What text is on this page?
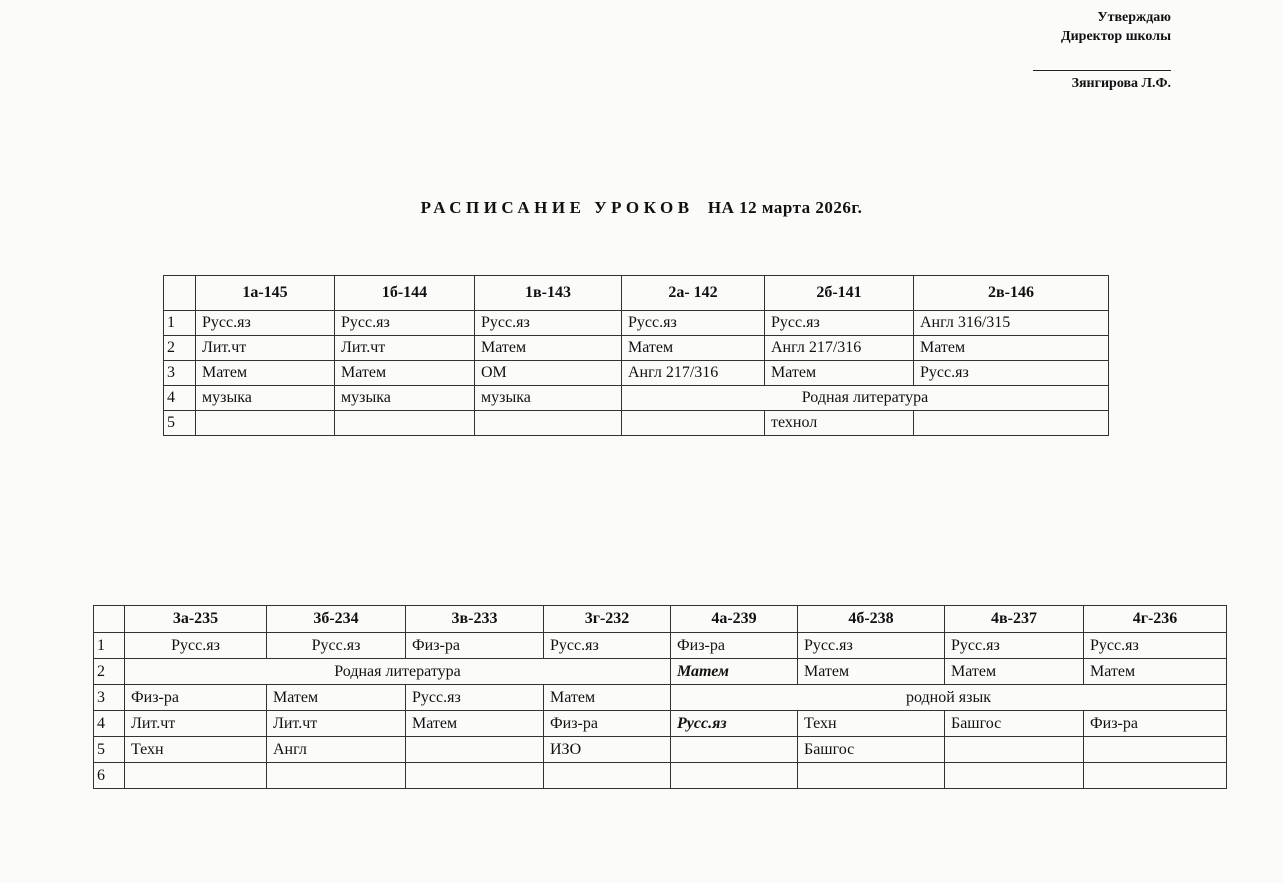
Утверждаю
Директор школы
Зянгирова Л.Ф.
РАСПИСАНИЕ УРОКОВ НА 12 марта 2026г.
	1а-145	1б-144	1в-143	2а- 142	2б-141	2в-146
1	Русс.яз	Русс.яз	Русс.яз	Русс.яз	Русс.яз	Англ 316/315
2	Лит.чт	Лит.чт	Матем	Матем	Англ 217/316	Матем
3	Матем	Матем	ОМ	Англ 217/316	Матем	Русс.яз
4	музыка	музыка	музыка	Родная литература		
5					технол	
	3а-235	3б-234	3в-233	3г-232	4а-239	4б-238	4в-237	4г-236
1	Русс.яз	Русс.яз	Физ-ра	Русс.яз	Физ-ра	Русс.яз	Русс.яз	Русс.яз
2	Родная литература				Матем	Матем	Матем	Матем
3	Физ-ра	Матем	Русс.яз	Матем	родной язык			
4	Лит.чт	Лит.чт	Матем	Физ-ра	Русс.яз	Техн	Башгос	Физ-ра
5	Техн	Англ		ИЗО		Башгос		
6								
